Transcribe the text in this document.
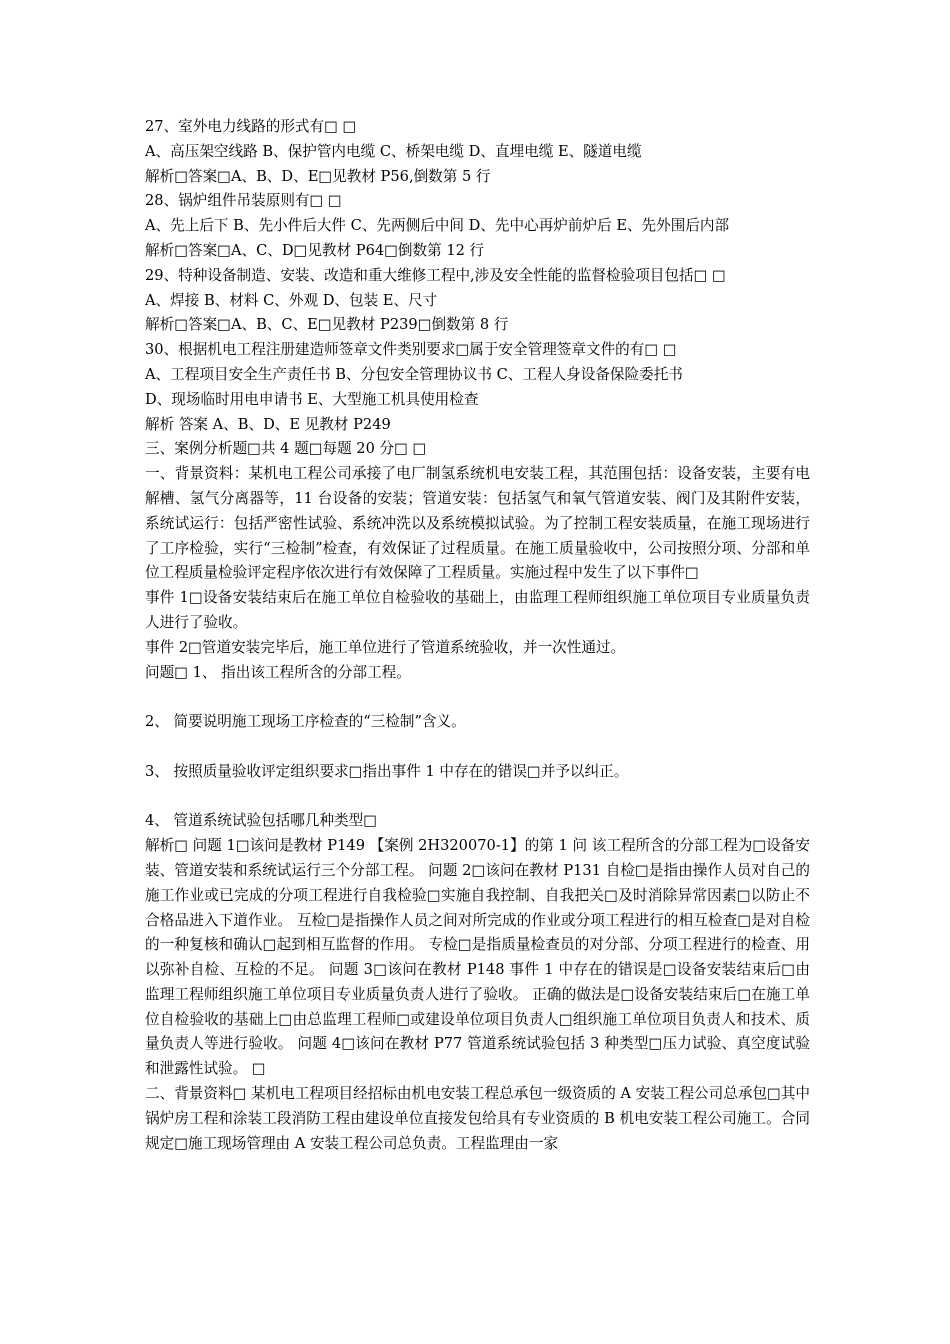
27、室外电力线路的形式有□ □
A、高压架空线路 B、保护管内电缆 C、桥架电缆 D、直埋电缆 E、隧道电缆
解析□答案□A、B、D、E□见教材 P56,倒数第 5 行
28、锅炉组件吊装原则有□ □
A、先上后下 B、先小件后大件 C、先两侧后中间 D、先中心再炉前炉后 E、先外围后内部
解析□答案□A、C、D□见教材 P64□倒数第 12 行
29、特种设备制造、安装、改造和重大维修工程中,涉及安全性能的监督检验项目包括□ □
A、焊接 B、材料 C、外观 D、包装 E、尺寸
解析□答案□A、B、C、E□见教材 P239□倒数第 8 行
30、根据机电工程注册建造师签章文件类别要求□属于安全管理签章文件的有□ □
A、工程项目安全生产责任书 B、分包安全管理协议书 C、工程人身设备保险委托书
D、现场临时用电申请书 E、大型施工机具使用检查
解析 答案 A、B、D、E 见教材 P249
三、案例分析题□共 4 题□每题 20 分□ □
一、背景资料：某机电工程公司承接了电厂制氢系统机电安装工程，其范围包括：设备安装，主要有电解槽、氢气分离器等，11 台设备的安装；管道安装：包括氢气和氧气管道安装、阀门及其附件安装，系统试运行：包括严密性试验、系统冲洗以及系统模拟试验。为了控制工程安装质量，在施工现场进行了工序检验，实行“三检制”检查，有效保证了过程质量。在施工质量验收中，公司按照分项、分部和单位工程质量检验评定程序依次进行有效保障了工程质量。实施过程中发生了以下事件□
事件 1□设备安装结束后在施工单位自检验收的基础上，由监理工程师组织施工单位项目专业质量负责人进行了验收。
事件 2□管道安装完毕后，施工单位进行了管道系统验收，并一次性通过。
问题□ 1、 指出该工程所含的分部工程。
2、 简要说明施工现场工序检查的“三检制”含义。
3、 按照质量验收评定组织要求□指出事件 1 中存在的错误□并予以纠正。
4、 管道系统试验包括哪几种类型□
解析□ 问题 1□该问是教材 P149 【案例 2H320070-1】的第 1 问 该工程所含的分部工程为□设备安装、管道安装和系统试运行三个分部工程。 问题 2□该问在教材 P131 自检□是指由操作人员对自己的施工作业或已完成的分项工程进行自我检验□实施自我控制、自我把关□及时消除异常因素□以防止不合格品进入下道作业。 互检□是指操作人员之间对所完成的作业或分项工程进行的相互检查□是对自检的一种复核和确认□起到相互监督的作用。 专检□是指质量检查员的对分部、分项工程进行的检查、用以弥补自检、互检的不足。 问题 3□该问在教材 P148 事件 1 中存在的错误是□设备安装结束后□由监理工程师组织施工单位项目专业质量负责人进行了验收。 正确的做法是□设备安装结束后□在施工单位自检验收的基础上□由总监理工程师□或建设单位项目负责人□组织施工单位项目负责人和技术、质量负责人等进行验收。 问题 4□该问在教材 P77 管道系统试验包括 3 种类型□压力试验、真空度试验和泄露性试验。 □
二、背景资料□ 某机电工程项目经招标由机电安装工程总承包一级资质的 A 安装工程公司总承包□其中锅炉房工程和涂装工段消防工程由建设单位直接发包给具有专业资质的 B 机电安装工程公司施工。合同规定□施工现场管理由 A 安装工程公司总负责。工程监理由一家
